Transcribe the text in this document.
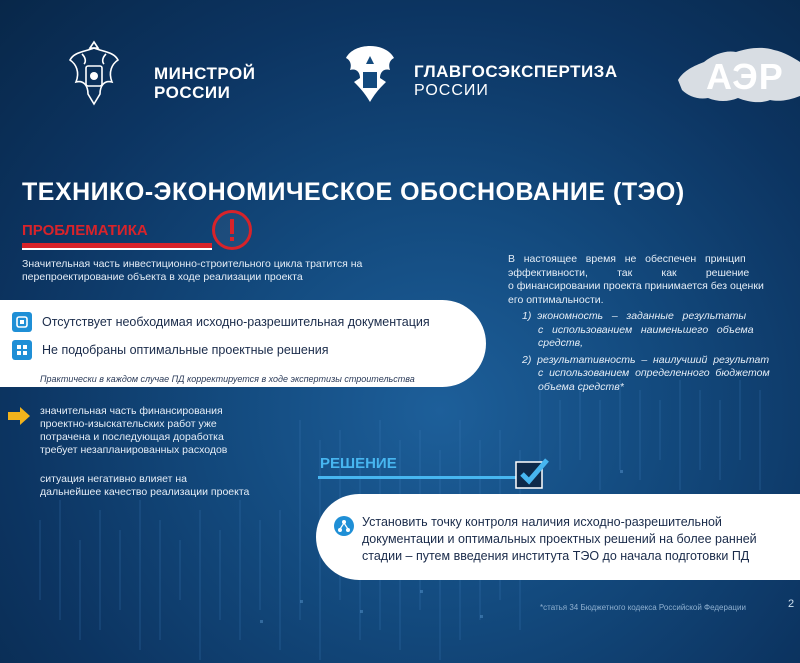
МИНСТРОЙ
РОССИИ
ГЛАВГОСЭКСПЕРТИЗА
РОССИИ	АЭР
ТЕХНИКО-ЭКОНОМИЧЕСКОЕ ОБОСНОВАНИЕ (ТЭО)
ПРОБЛЕМАТИКА
Значительная часть инвестиционно-строительного цикла тратится на
перепроектирование объекта в ходе реализации проекта
Отсутствует необходимая исходно-разрешительная документация
Не подобраны оптимальные проектные решения
Практически в каждом случае ПД корректируется в ходе экспертизы строительства
значительная часть финансирования
проектно-изыскательских работ уже
потрачена и последующая доработка
требует незапланированных расходов
ситуация негативно влияет на
дальнейшее качество реализации проекта
В   настоящее   время   не   обеспечен   принцип
эффективности,          так          как          решение
о финансировании проекта принимается без оценки
его оптимальности.
1)  экономность   –   заданные   результаты
с   использованием   наименьшего   объема
средств,
2)  результативность  –  наилучший  результат
с  использованием  определенного  бюджетом
объема средств*
РЕШЕНИЕ
Установить точку контроля наличия исходно-разрешительной
документации и оптимальных проектных решений на более ранней
стадии – путем введения института ТЭО до начала подготовки ПД
*статья 34 Бюджетного кодекса Российской Федерации	2
